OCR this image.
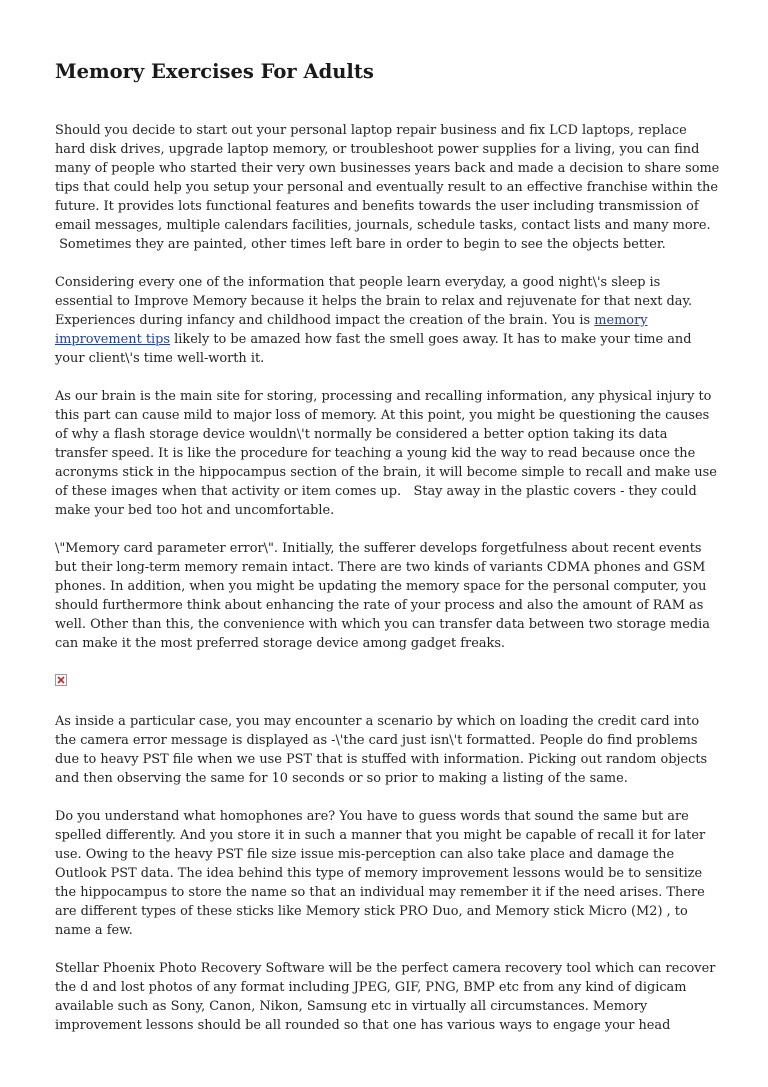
Memory Exercises For Adults
Should you decide to start out your personal laptop repair business and fix LCD laptops, replace
hard disk drives, upgrade laptop memory, or troubleshoot power supplies for a living, you can find
many of people who started their very own businesses years back and made a decision to share some
tips that could help you setup your personal and eventually result to an effective franchise within the
future. It provides lots functional features and benefits towards the user including transmission of
email messages, multiple calendars facilities, journals, schedule tasks, contact lists and many more.
Sometimes they are painted, other times left bare in order to begin to see the objects better.
Considering every one of the information that people learn everyday, a good night\'s sleep is
essential to Improve Memory because it helps the brain to relax and rejuvenate for that next day.
Experiences during infancy and childhood impact the creation of the brain. You is memory
improvement tips likely to be amazed how fast the smell goes away. It has to make your time and
your client\'s time well-worth it.
As our brain is the main site for storing, processing and recalling information, any physical injury to
this part can cause mild to major loss of memory. At this point, you might be questioning the causes
of why a flash storage device wouldn\'t normally be considered a better option taking its data
transfer speed. It is like the procedure for teaching a young kid the way to read because once the
acronyms stick in the hippocampus section of the brain, it will become simple to recall and make use
of these images when that activity or item comes up.   Stay away in the plastic covers - they could
make your bed too hot and uncomfortable.
\"Memory card parameter error\". Initially, the sufferer develops forgetfulness about recent events
but their long-term memory remain intact. There are two kinds of variants CDMA phones and GSM
phones. In addition, when you might be updating the memory space for the personal computer, you
should furthermore think about enhancing the rate of your process and also the amount of RAM as
well. Other than this, the convenience with which you can transfer data between two storage media
can make it the most preferred storage device among gadget freaks.
As inside a particular case, you may encounter a scenario by which on loading the credit card into
the camera error message is displayed as -\'the card just isn\'t formatted. People do find problems
due to heavy PST file when we use PST that is stuffed with information. Picking out random objects
and then observing the same for 10 seconds or so prior to making a listing of the same.
Do you understand what homophones are? You have to guess words that sound the same but are
spelled differently. And you store it in such a manner that you might be capable of recall it for later
use. Owing to the heavy PST file size issue mis-perception can also take place and damage the
Outlook PST data. The idea behind this type of memory improvement lessons would be to sensitize
the hippocampus to store the name so that an individual may remember it if the need arises. There
are different types of these sticks like Memory stick PRO Duo, and Memory stick Micro (M2) , to
name a few.
Stellar Phoenix Photo Recovery Software will be the perfect camera recovery tool which can recover
the d and lost photos of any format including JPEG, GIF, PNG, BMP etc from any kind of digicam
available such as Sony, Canon, Nikon, Samsung etc in virtually all circumstances. Memory
improvement lessons should be all rounded so that one has various ways to engage your head
